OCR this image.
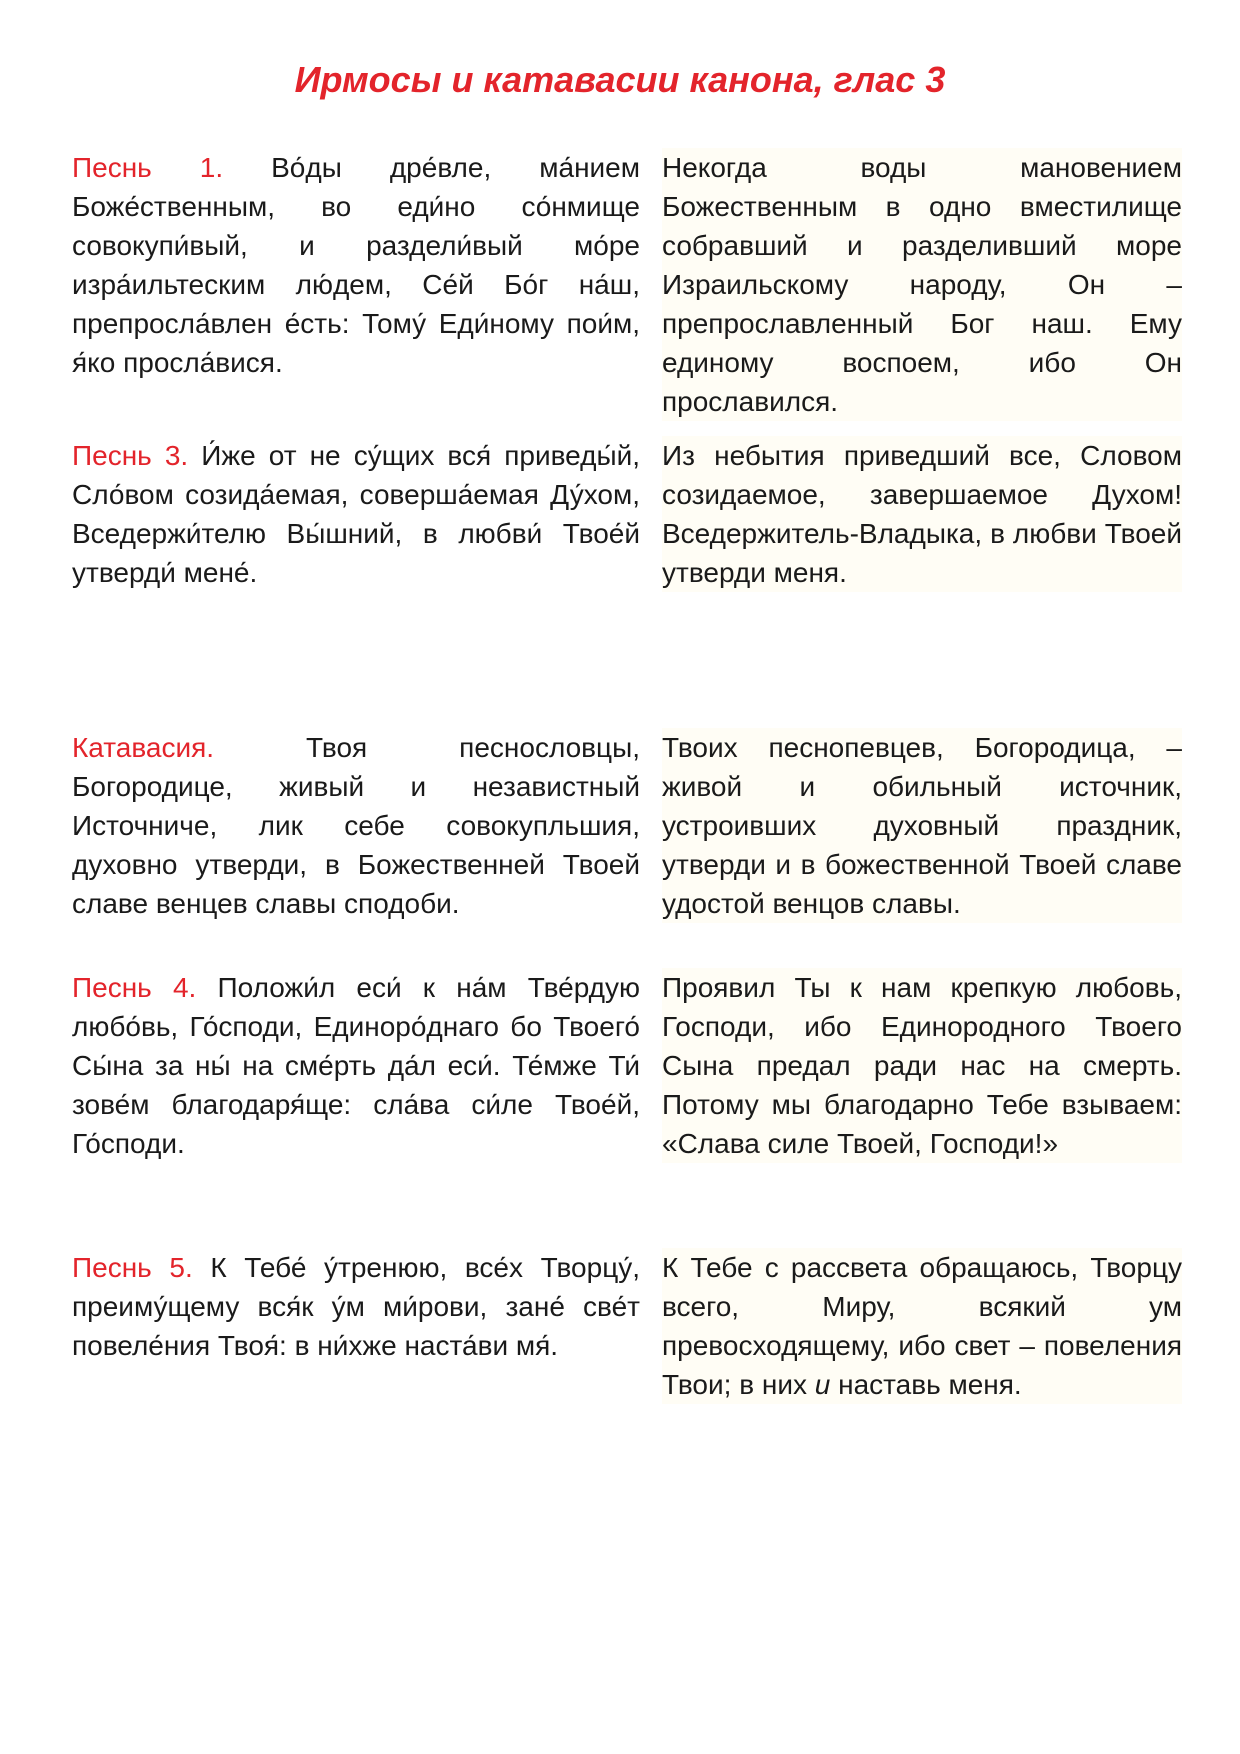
Ирмосы и катавасии канона, глас 3
Песнь 1. Во́ды дре́вле, ма́нием Боже́ственным, во еди́но со́нмище совокупи́вый, и раздели́вый мо́ре изра́ильтеским лю́дем, Се́й Бо́г на́ш, препросла́влен е́сть: Тому́ Еди́ному пои́м, я́ко просла́вися.
Некогда воды мановением Божественным в одно вместилище собравший и разделивший море Израильскому народу, Он – препрославленный Бог наш. Ему единому воспоем, ибо Он прославился.
Песнь 3. И́же от не су́щих вся́ приведы́й, Сло́вом созида́емая, соверша́емая Ду́хом, Вседержи́телю Вы́шний, в любви́ Твое́й утверди́ мене́.
Из небытия приведший все, Словом созидаемое, завершаемое Духом! Вседержитель-Владыка, в любви Твоей утверди меня.
Катавасия.	Твоя песнословцы, Богородице, живый и независтный Источниче, лик себе совокупльшия, духовно утверди, в Божественней Твоей славе венцев славы сподоби.
Твоих песнопевцев, Богородица, – живой и обильный источник, устроивших духовный праздник, утверди и в божественной Твоей славе удостой венцов славы.
Песнь 4. Положи́л еси́ к на́м Тве́рдую любо́вь, Го́споди, Единоро́днаго бо Твоего́ Сы́на за ны́ на сме́рть да́л еси́. Те́мже Ти́ зове́м благодаря́ще: сла́ва си́ле Твое́й, Го́споди.
Проявил Ты к нам крепкую любовь, Господи, ибо Единородного Твоего Сына предал ради нас на смерть. Потому мы благодарно Тебе взываем: «Слава силе Твоей, Господи!»
Песнь 5. К Тебе́ у́тренюю, все́х Творцу́, преиму́щему вся́к у́м ми́рови, зане́ све́т повеле́ния Твоя́: в ни́хже наста́ви мя́.
К Тебе с рассвета обращаюсь, Творцу всего, Миру, всякий ум превосходящему, ибо свет – повеления Твои; в них и наставь меня.
